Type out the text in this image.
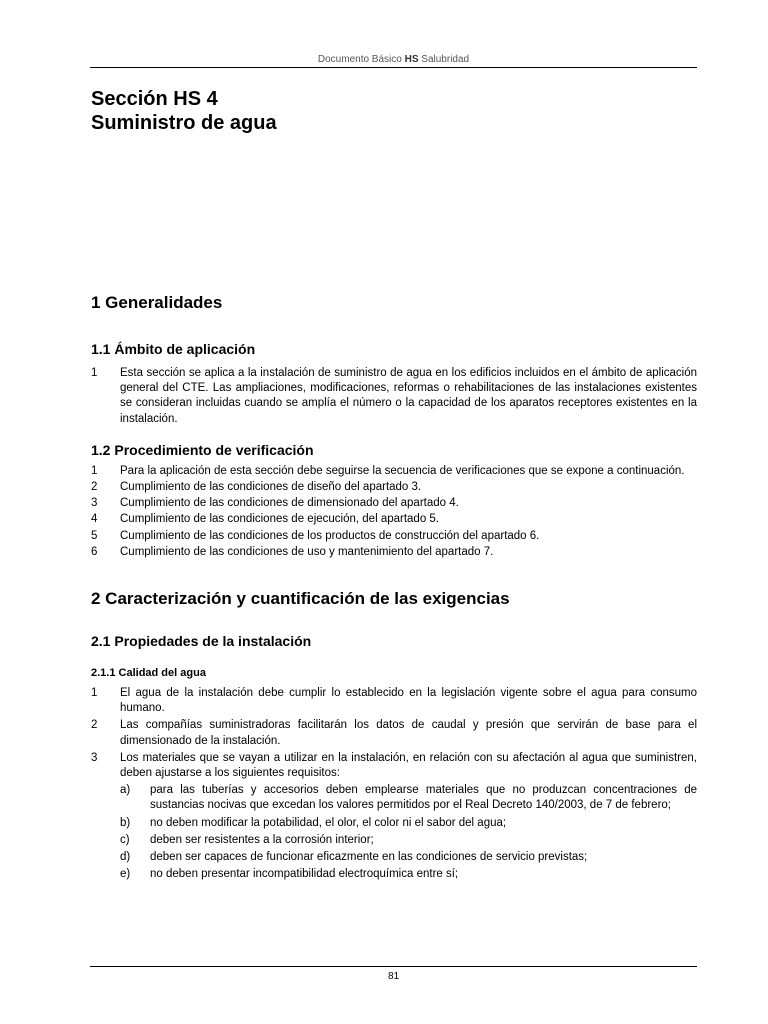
Documento Básico HS Salubridad
Sección HS 4
Suministro de agua
1 Generalidades
1.1 Ámbito de aplicación
1	Esta sección se aplica a la instalación de suministro de agua en los edificios incluidos en el ámbito de aplicación general del CTE. Las ampliaciones, modificaciones, reformas o rehabilitaciones de las instalaciones existentes se consideran incluidas cuando se amplía el número o la capacidad de los aparatos receptores existentes en la instalación.
1.2 Procedimiento de verificación
1	Para la aplicación de esta sección debe seguirse la secuencia de verificaciones que se expone a continuación.
2	Cumplimiento de las condiciones de diseño del apartado 3.
3	Cumplimiento de las condiciones de dimensionado del apartado 4.
4	Cumplimiento de las condiciones de ejecución, del apartado 5.
5	Cumplimiento de las condiciones de los productos de construcción del apartado 6.
6	Cumplimiento de las condiciones de uso y mantenimiento del apartado 7.
2 Caracterización y cuantificación de las exigencias
2.1 Propiedades de la instalación
2.1.1 Calidad del agua
1	El agua de la instalación debe cumplir lo establecido en la legislación vigente sobre el agua para consumo humano.
2	Las compañías suministradoras facilitarán los datos de caudal y presión que servirán de base para el dimensionado de la instalación.
3	Los materiales que se vayan a utilizar en la instalación, en relación con su afectación al agua que suministren, deben ajustarse a los siguientes requisitos:
a)	para las tuberías y accesorios deben emplearse materiales que no produzcan concentraciones de sustancias nocivas que excedan los valores permitidos por el Real Decreto 140/2003, de 7 de febrero;
b)	no deben modificar la potabilidad, el olor, el color ni el sabor del agua;
c)	deben ser resistentes a la corrosión interior;
d)	deben ser capaces de funcionar eficazmente en las condiciones de servicio previstas;
e)	no deben presentar incompatibilidad electroquímica entre sí;
81
